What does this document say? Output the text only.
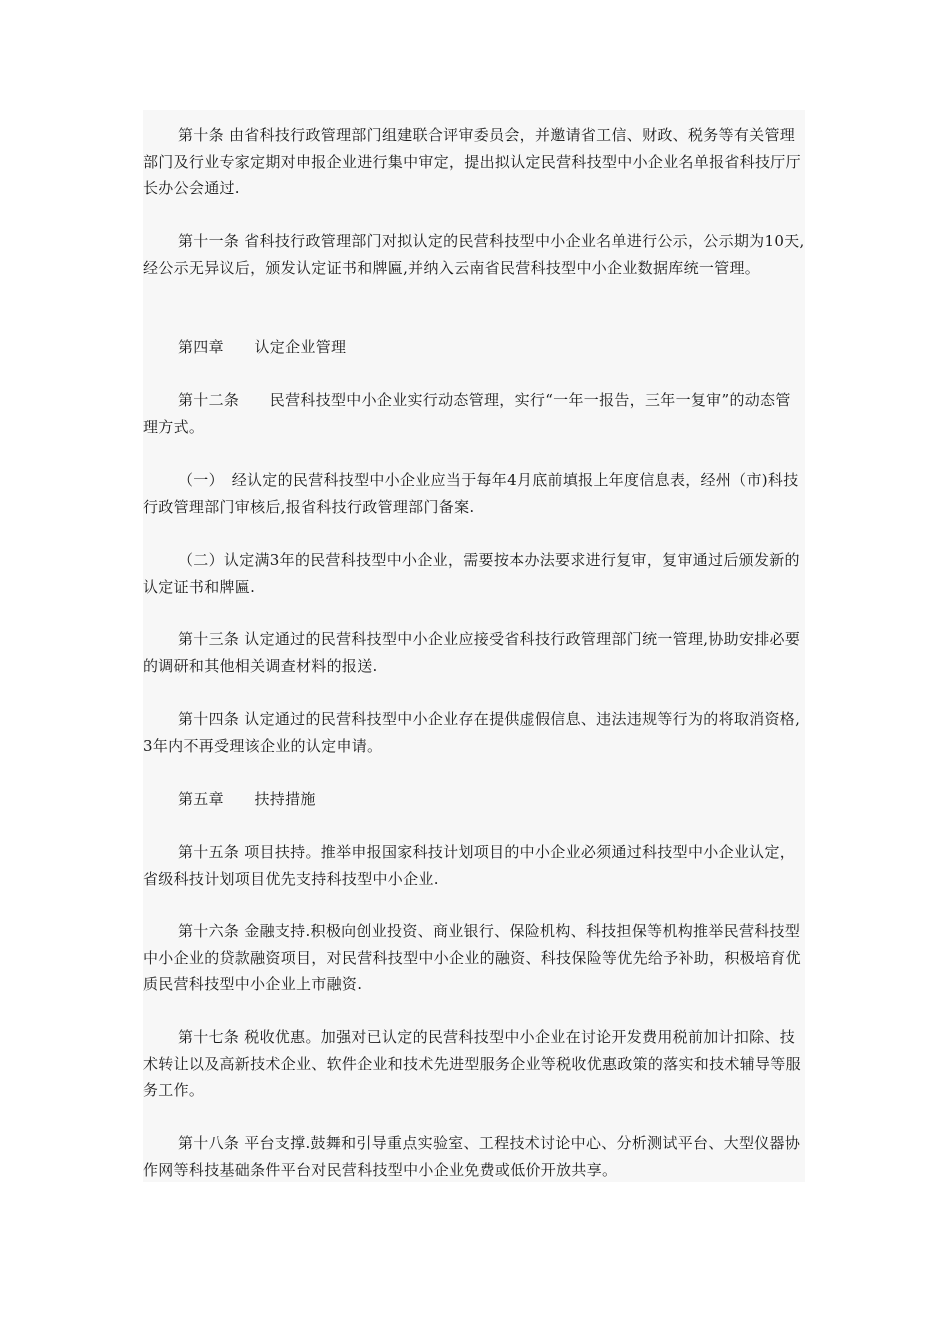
第十条 由省科技行政管理部门组建联合评审委员会，并邀请省工信、财政、税务等有关管理部门及行业专家定期对申报企业进行集中审定，提出拟认定民营科技型中小企业名单报省科技厅厅长办公会通过.

第十一条 省科技行政管理部门对拟认定的民营科技型中小企业名单进行公示，公示期为10天,经公示无异议后，颁发认定证书和牌匾,并纳入云南省民营科技型中小企业数据库统一管理。

第四章　　认定企业管理

第十二条　　民营科技型中小企业实行动态管理，实行“一年一报告，三年一复审”的动态管理方式。

（一）　经认定的民营科技型中小企业应当于每年4月底前填报上年度信息表，经州（市)科技行政管理部门审核后,报省科技行政管理部门备案.

（二）认定满3年的民营科技型中小企业，需要按本办法要求进行复审，复审通过后颁发新的认定证书和牌匾.

第十三条 认定通过的民营科技型中小企业应接受省科技行政管理部门统一管理,协助安排必要的调研和其他相关调查材料的报送.

第十四条 认定通过的民营科技型中小企业存在提供虚假信息、违法违规等行为的将取消资格,3年内不再受理该企业的认定申请。

第五章　　扶持措施

第十五条 项目扶持。推举申报国家科技计划项目的中小企业必须通过科技型中小企业认定，省级科技计划项目优先支持科技型中小企业.

第十六条 金融支持.积极向创业投资、商业银行、保险机构、科技担保等机构推举民营科技型中小企业的贷款融资项目，对民营科技型中小企业的融资、科技保险等优先给予补助，积极培育优质民营科技型中小企业上市融资.

第十七条 税收优惠。加强对已认定的民营科技型中小企业在讨论开发费用税前加计扣除、技术转让以及高新技术企业、软件企业和技术先进型服务企业等税收优惠政策的落实和技术辅导等服务工作。

第十八条 平台支撑.鼓舞和引导重点实验室、工程技术讨论中心、分析测试平台、大型仪器协作网等科技基础条件平台对民营科技型中小企业免费或低价开放共享。
